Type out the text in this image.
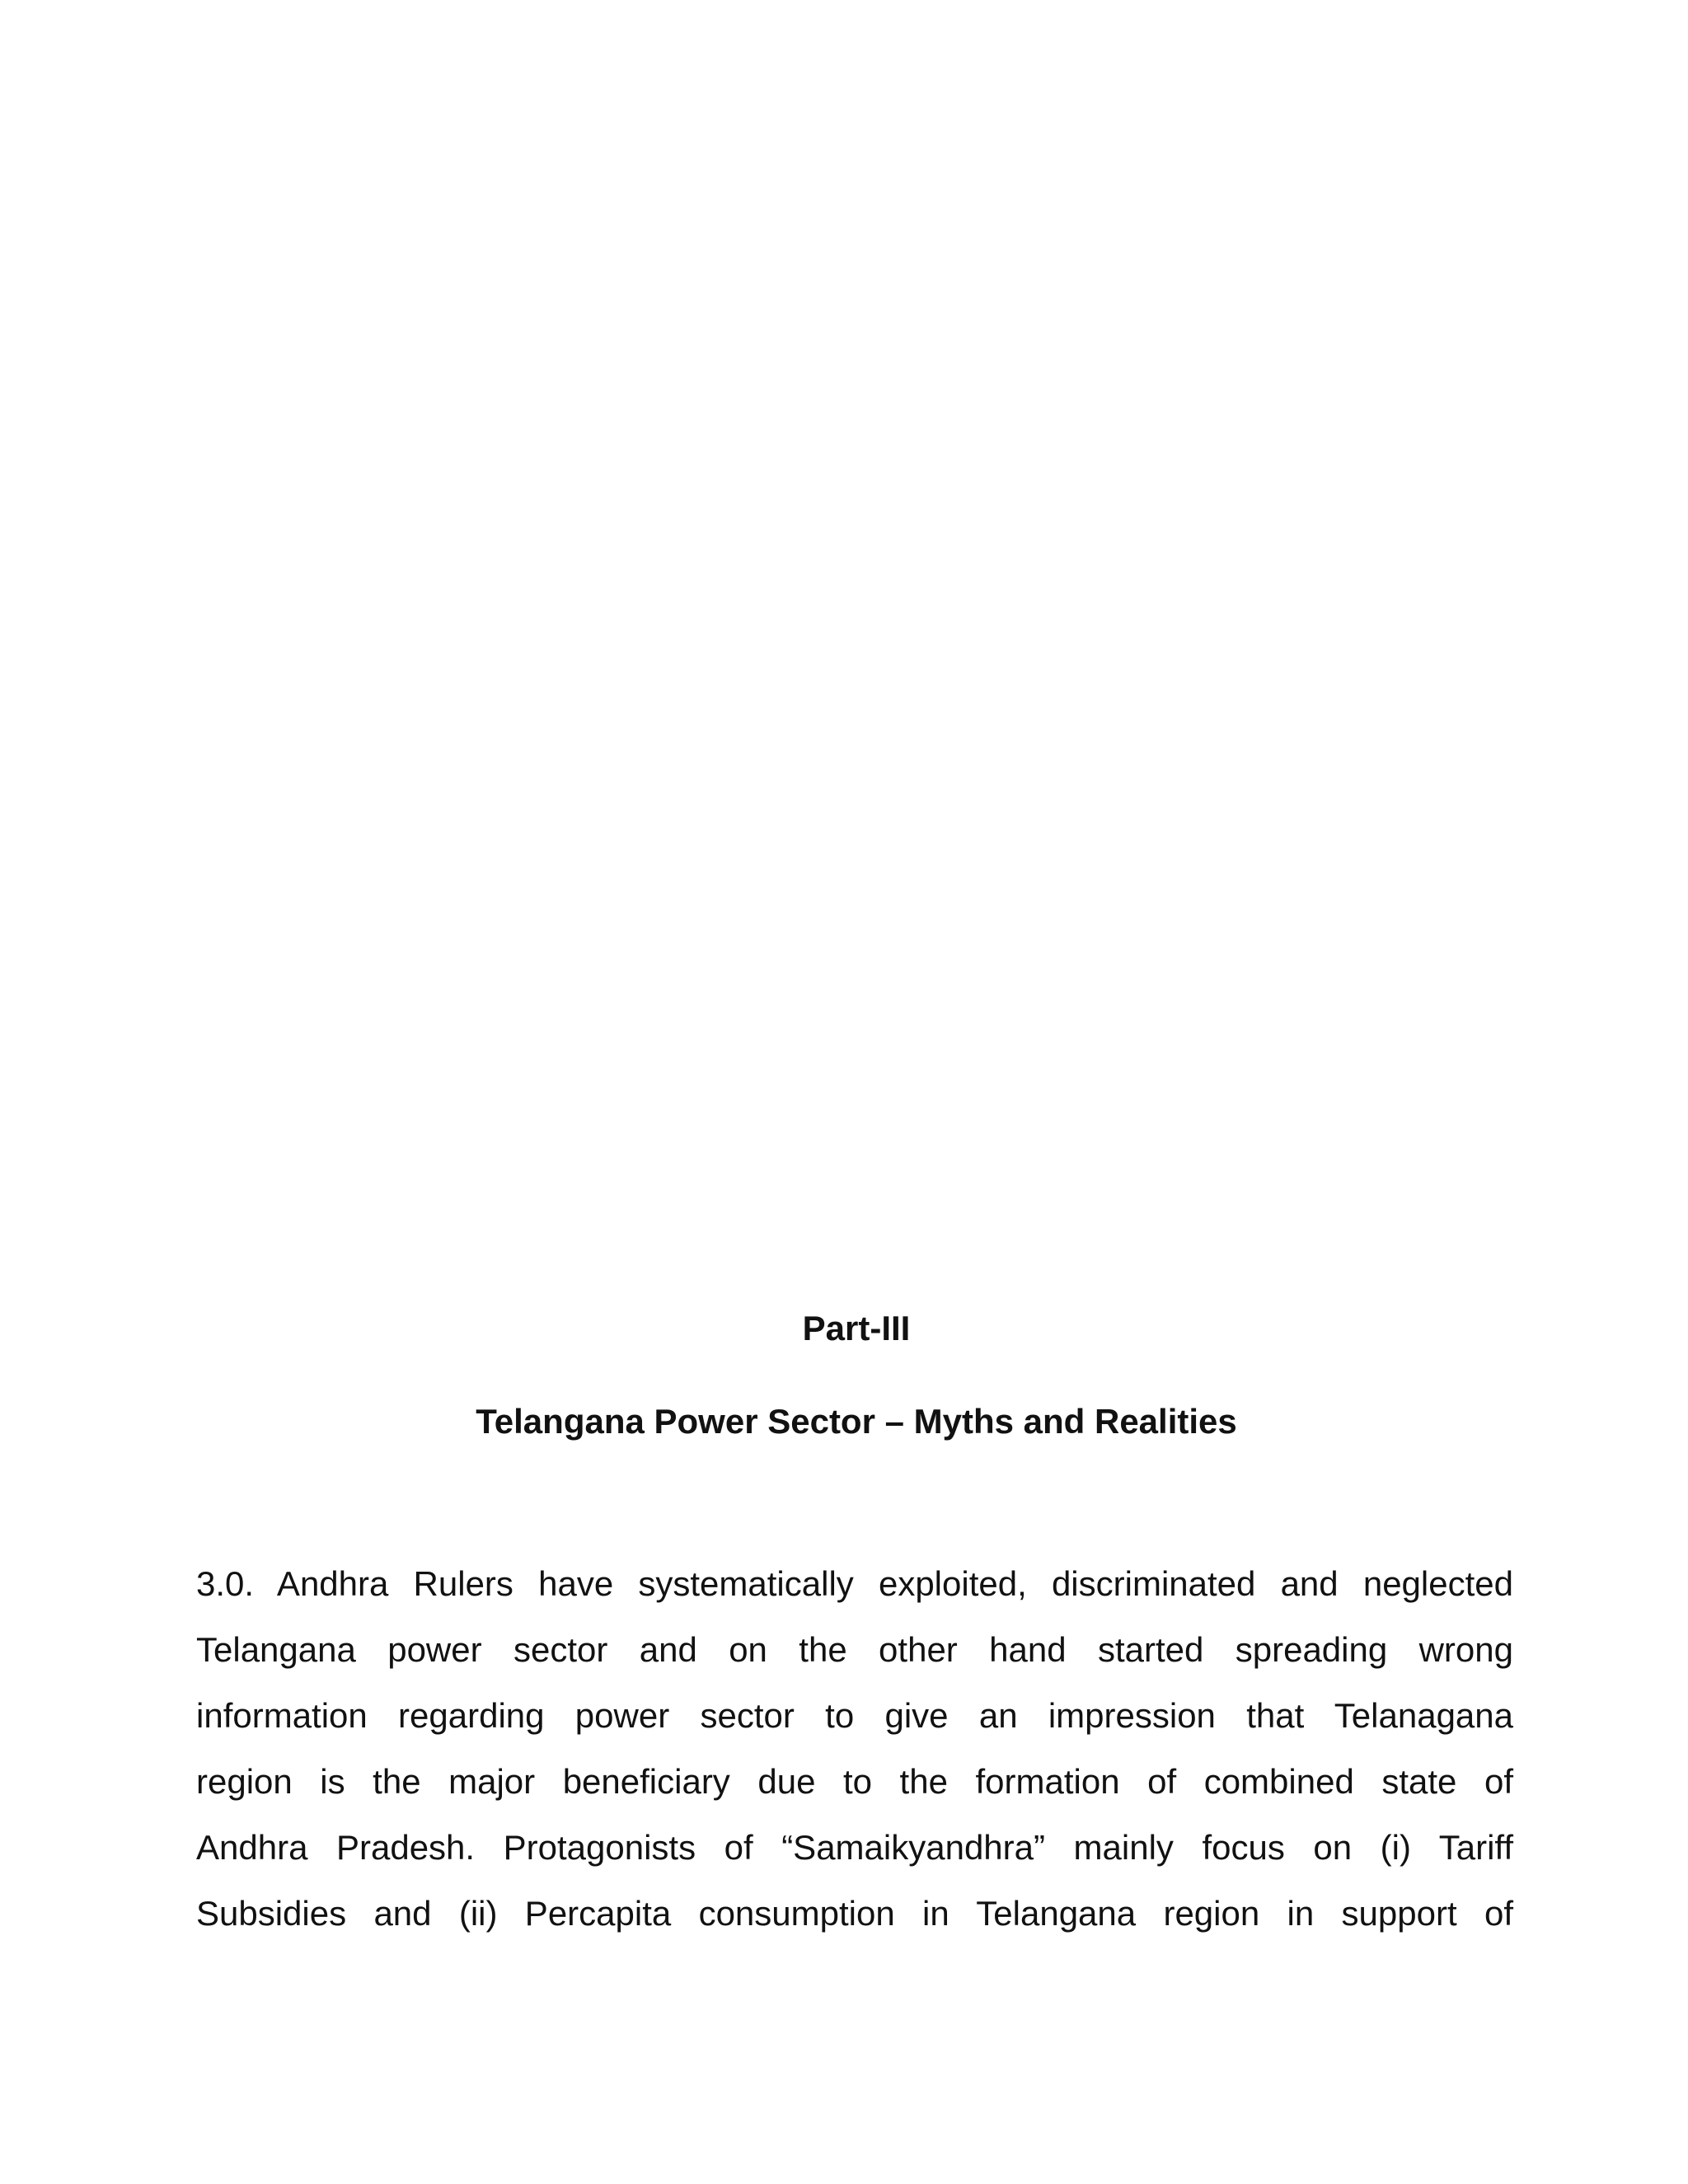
Part-III
Telangana Power Sector – Myths and Realities
3.0. Andhra Rulers have systematically exploited, discriminated and neglected
Telangana power sector and on the other hand started spreading wrong
information regarding power sector to give an impression that Telanagana
region is the major beneficiary due to the formation of combined state of
Andhra Pradesh. Protagonists of “Samaikyandhra” mainly focus on (i) Tariff
Subsidies and (ii) Percapita consumption in Telangana region in support of
